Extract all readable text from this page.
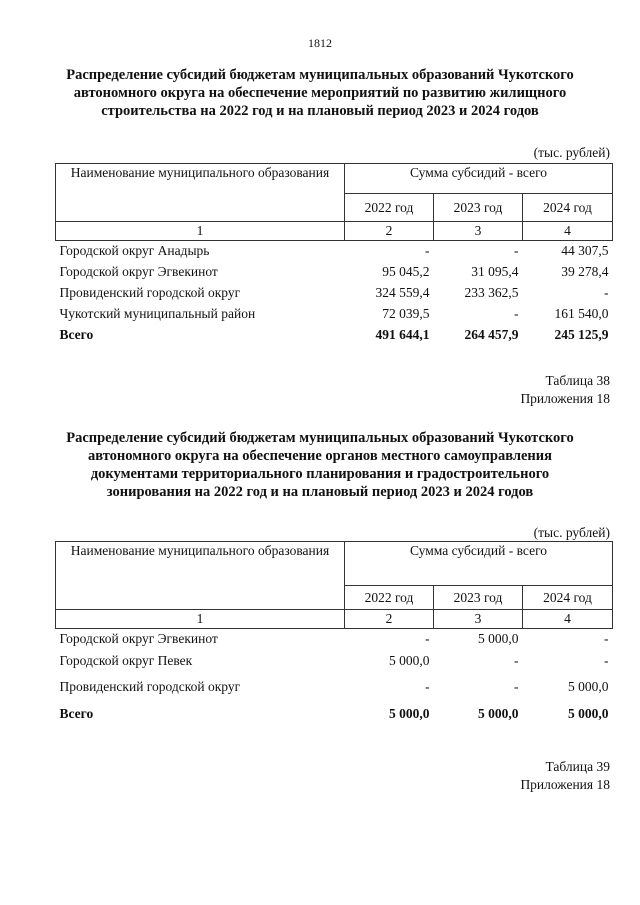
1812
Распределение субсидий бюджетам муниципальных образований Чукотского
автономного округа на обеспечение мероприятий по развитию жилищного
строительства на 2022 год и на плановый период 2023 и 2024 годов
(тыс. рублей)
Наименование муниципального образования	Сумма субсидий - всего		
	2022 год	2023 год	2024 год
1	2	3	4
Городской округ Анадырь	-	-	44 307,5
Городской округ Эгвекинот	95 045,2	31 095,4	39 278,4
Провиденский городской округ	324 559,4	233 362,5	-
Чукотский муниципальный район	72 039,5	-	161 540,0
Всего	491 644,1	264 457,9	245 125,9
Таблица 38
Приложения 18
Распределение субсидий бюджетам муниципальных образований Чукотского
автономного округа на обеспечение органов местного самоуправления
документами территориального планирования и градостроительного
зонирования на 2022 год и на плановый период 2023 и 2024 годов
(тыс. рублей)
Наименование муниципального образования	Сумма субсидий - всего		
	2022 год	2023 год	2024 год
1	2	3	4
Городской округ Эгвекинот	-	5 000,0	-
Городской округ Певек	5 000,0	-	-
Провиденский городской округ	-	-	5 000,0
Всего	5 000,0	5 000,0	5 000,0
Таблица 39
Приложения 18
